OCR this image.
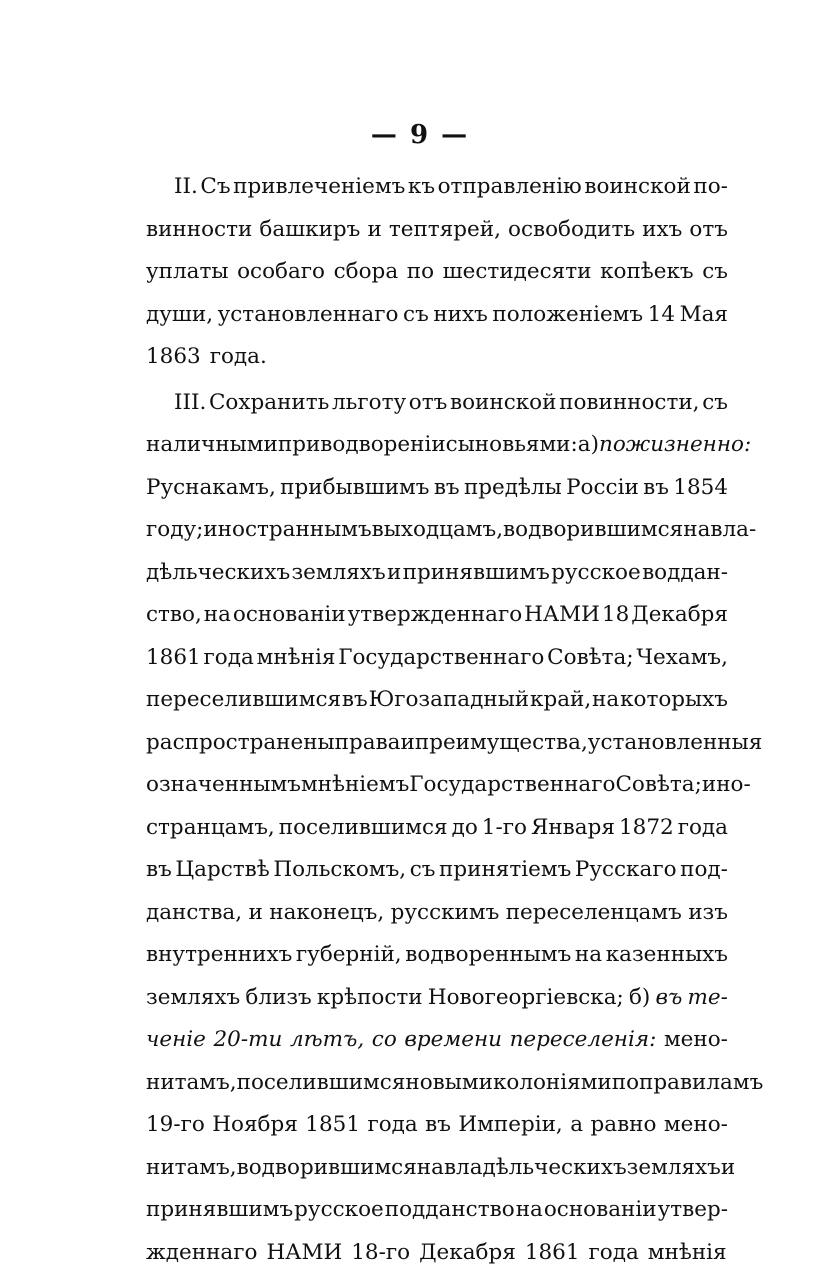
— 9 —
II. Съ привлеченіемъ къ отправленію воинской по-
винности башкиръ и тептярей, освободить ихъ отъ
уплаты особаго сбора по шестидесяти копѣекъ съ
души, установленнаго съ нихъ положеніемъ 14 Мая
1863 года.
III. Сохранить льготу отъ воинской повинности, съ
наличными при водвореніи сыновьями: а) пожизненно:
Руснакамъ, прибывшимъ въ предѣлы Россіи въ 1854
году; иностраннымъ выходцамъ, водворившимся на вла-
дѣльческихъ земляхъ и принявшимъ русское воддан-
ство, на основаніи утвержденнаго НАМИ 18 Декабря
1861 года мнѣнія Государственнаго Совѣта; Чехамъ,
переселившимся въ Югозападный край, на которыхъ
распространены права и преимущества, установленныя
означеннымъ мнѣніемъ Государственнаго Совѣта; ино-
странцамъ, поселившимся до 1-го Января 1872 года
въ Царствѣ Польскомъ, съ принятіемъ Русскаго под-
данства, и наконецъ, русскимъ переселенцамъ изъ
внутреннихъ губерній, водвореннымъ на казенныхъ
земляхъ близъ крѣпости Новогеоргіевска; б) въ те-
ченіе 20-ти лѣтъ, со времени переселенія: мено-
нитамъ, поселившимся новыми колоніями по правиламъ
19-го Ноября 1851 года въ Имперіи, а равно мено-
нитамъ, водворившимся на владѣльческихъ земляхъ и
принявшимъ русское подданство на основаніи утвер-
жденнаго НАМИ 18-го Декабря 1861 года мнѣнія
